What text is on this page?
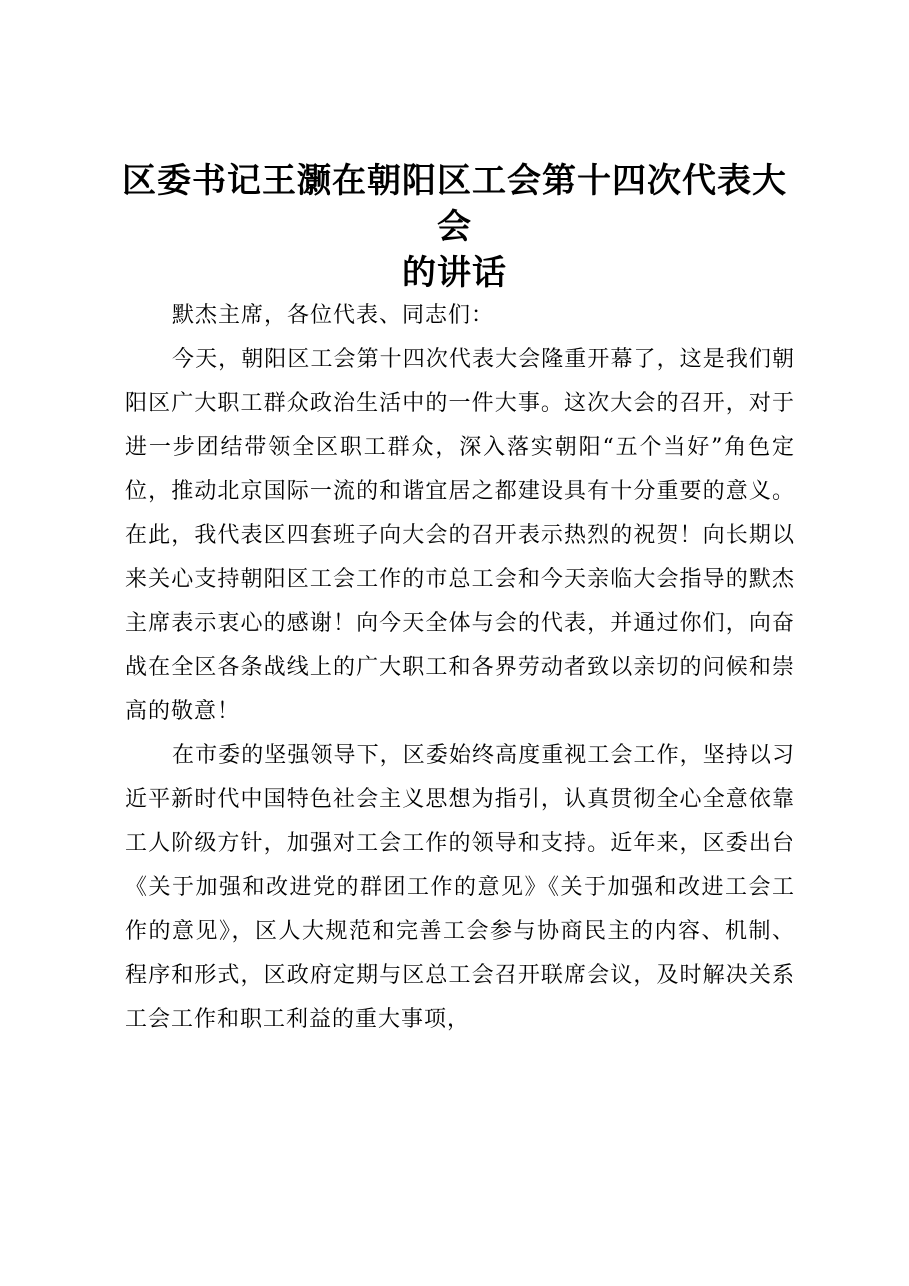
区委书记王灏在朝阳区工会第十四次代表大会
的讲话

默杰主席，各位代表、同志们：

今天，朝阳区工会第十四次代表大会隆重开幕了，这是我们朝阳区广大职工群众政治生活中的一件大事。这次大会的召开，对于进一步团结带领全区职工群众，深入落实朝阳“五个当好”角色定位，推动北京国际一流的和谐宜居之都建设具有十分重要的意义。在此，我代表区四套班子向大会的召开表示热烈的祝贺！向长期以来关心支持朝阳区工会工作的市总工会和今天亲临大会指导的默杰主席表示衷心的感谢！向今天全体与会的代表，并通过你们，向奋战在全区各条战线上的广大职工和各界劳动者致以亲切的问候和崇高的敬意！

在市委的坚强领导下，区委始终高度重视工会工作，坚持以习近平新时代中国特色社会主义思想为指引，认真贯彻全心全意依靠工人阶级方针，加强对工会工作的领导和支持。近年来，区委出台《关于加强和改进党的群团工作的意见》《关于加强和改进工会工作的意见》，区人大规范和完善工会参与协商民主的内容、机制、程序和形式，区政府定期与区总工会召开联席会议，及时解决关系工会工作和职工利益的重大事项，
